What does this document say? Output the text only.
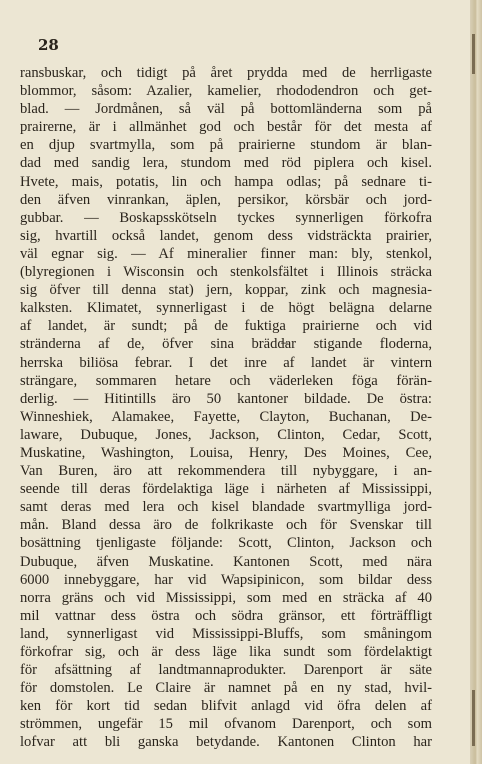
28
ransbuskar, och tidigt på året prydda med de herrligaste
blommor, såsom: Azalier, kamelier, rhododendron och get-
blad. — Jordmånen, så väl på bottomländerna som på
prairerne, är i allmänhet god och består för det mesta af
en djup svartmylla, som på prairierne stundom är blan-
dad med sandig lera, stundom med röd piplera och kisel.
Hvete, mais, potatis, lin och hampa odlas; på sednare ti-
den äfven vinrankan, äplen, persikor, körsbär och jord-
gubbar. — Boskapsskötseln tyckes synnerligen förkofra
sig, hvartill också landet, genom dess vidsträckta prairier,
väl egnar sig. — Af mineralier finner man: bly, stenkol,
(blyregionen i Wisconsin och stenkolsfältet i Illinois sträcka
sig öfver till denna stat) jern, koppar, zink och magnesia-
kalksten. Klimatet, synnerligast i de högt belägna delarne
af landet, är sundt; på de fuktiga prairierne och vid
stränderna af de, öfver sina brädd̶ar stigande floderna,
herrska biliösa febrar. I det inre af landet är vintern
strängare, sommaren hetare och väderleken föga förän-
derlig. — Hitintills äro 50 kantoner bildade. De östra:
Winneshiek, Alamakee, Fayette, Clayton, Buchanan, De-
laware, Dubuque, Jones, Jackson, Clinton, Cedar, Scott,
Muskatine, Washington, Louisa, Henry, Des Moines, Cee,
Van Buren, äro att rekommendera till nybyggare, i an-
seende till deras fördelaktiga läge i närheten af Mississippi,
samt deras med lera och kisel blandade svartmylliga jord-
mån. Bland dessa äro de folkrikaste och för Svenskar till
bosättning tjenligaste följande: Scott, Clinton, Jackson och
Dubuque, äfven Muskatine. Kantonen Scott, med nära
6000 innebyggare, har vid Wapsipinicon, som bildar dess
norra gräns och vid Mississippi, som med en sträcka af 40
mil vattnar dess östra och södra gränsor, ett förträffligt
land, synnerligast vid Mississippi-Bluffs, som småningom
förkofrar sig, och är dess läge lika sundt som fördelaktigt
för afsättning af landtmannaprodukter. Darenport är säte
för domstolen. Le Claire är namnet på en ny stad, hvil-
ken för kort tid sedan blifvit anlagd vid öfra delen af
strömmen, ungefär 15 mil ofvanom Darenport, och som
lofvar att bli ganska betydande. Kantonen Clinton har
